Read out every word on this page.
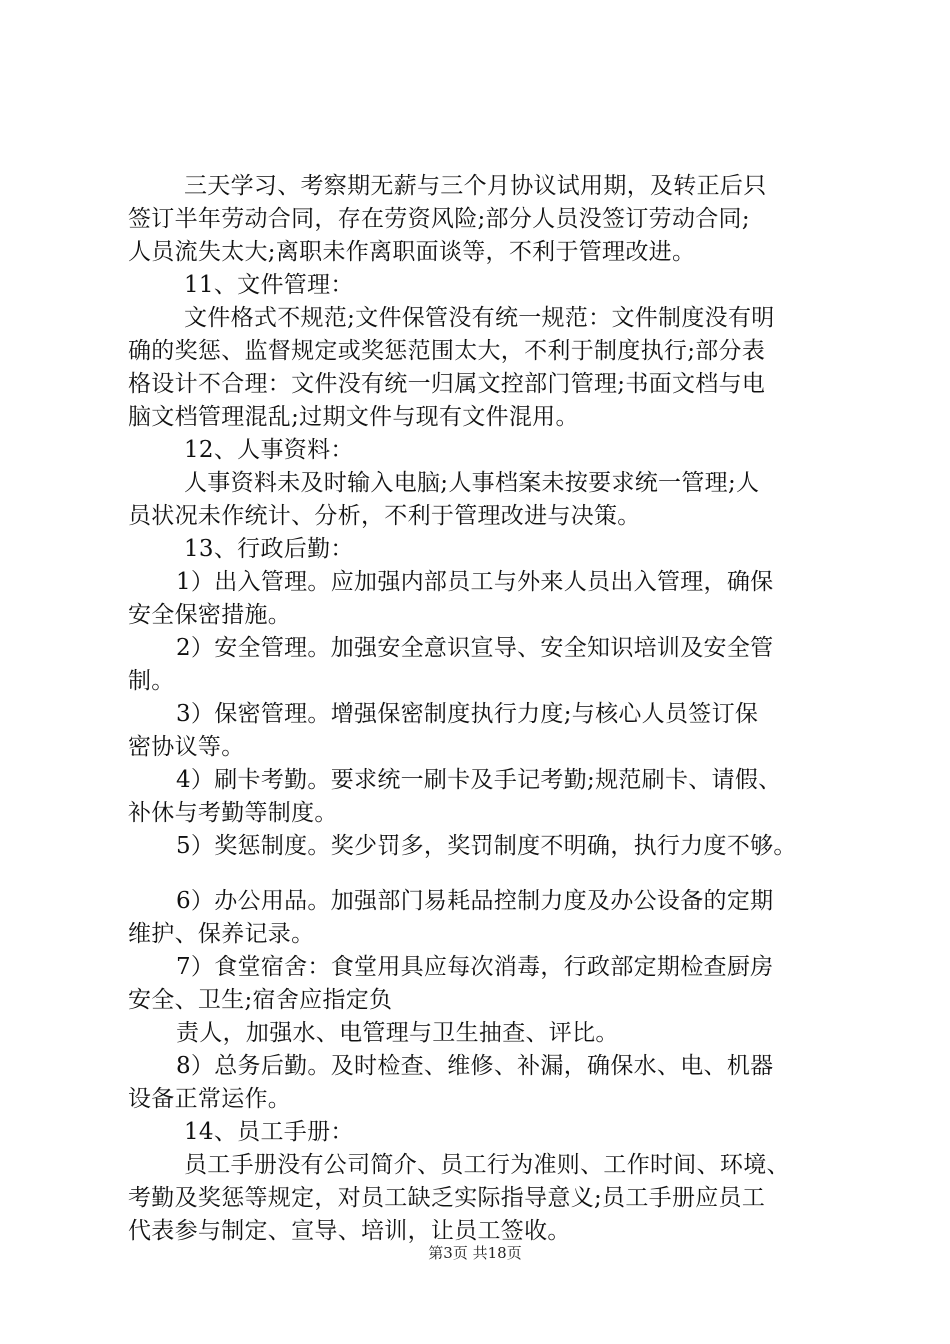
三天学习、考察期无薪与三个月协议试用期，及转正后只
签订半年劳动合同，存在劳资风险;部分人员没签订劳动合同;
人员流失太大;离职未作离职面谈等，不利于管理改进。
11、文件管理：
文件格式不规范;文件保管没有统一规范：文件制度没有明
确的奖惩、监督规定或奖惩范围太大，不利于制度执行;部分表
格设计不合理：文件没有统一归属文控部门管理;书面文档与电
脑文档管理混乱;过期文件与现有文件混用。
12、人事资料：
人事资料未及时输入电脑;人事档案未按要求统一管理;人
员状况未作统计、分析，不利于管理改进与决策。
13、行政后勤：
1）出入管理。应加强内部员工与外来人员出入管理，确保
安全保密措施。
2）安全管理。加强安全意识宣导、安全知识培训及安全管
制。
3）保密管理。增强保密制度执行力度;与核心人员签订保
密协议等。
4）刷卡考勤。要求统一刷卡及手记考勤;规范刷卡、请假、
补休与考勤等制度。
5）奖惩制度。奖少罚多，奖罚制度不明确，执行力度不够。
6）办公用品。加强部门易耗品控制力度及办公设备的定期
维护、保养记录。
7）食堂宿舍：食堂用具应每次消毒，行政部定期检查厨房
安全、卫生;宿舍应指定负
责人，加强水、电管理与卫生抽查、评比。
8）总务后勤。及时检查、维修、补漏，确保水、电、机器
设备正常运作。
14、员工手册：
员工手册没有公司简介、员工行为准则、工作时间、环境、
考勤及奖惩等规定，对员工缺乏实际指导意义;员工手册应员工
代表参与制定、宣导、培训，让员工签收。
第3页 共18页
